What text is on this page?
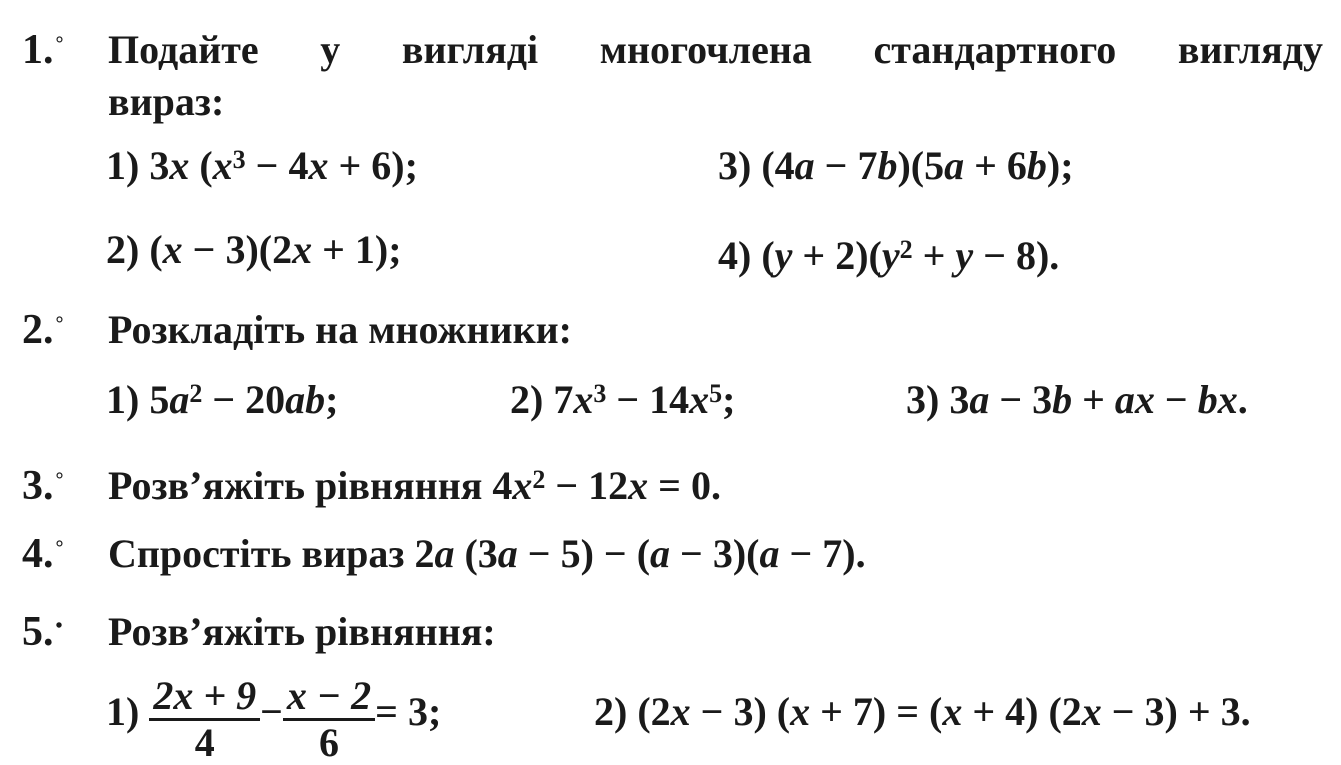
1. ° Подайте у вигляді многочлена стандартного вигляду
вираз:
1) 3x $(x^3 - 4x + 6)$;	3) (4a − 7b)(5a + 6b);
2) (x − 3)(2x + 1);	4) $(y + 2)(y^2 + y - 8)$.
2. ° Розкладіть на множники:
1) $5a^2 - 20ab$;	2) $7x^3 - 14x^5$;	3) 3a − 3b + ax − bx.
3. ° Розв’яжіть рівняння $4x^2 - 12x = 0$.
4. ° Спростіть вираз 2a (3a − 5) − (a − 3)(a − 7).
5. • Розв’яжіть рівняння:
$1) \frac{2x + 9}{4} - \frac{x - 2}{6} = 3$;	2) (2x − 3) (x + 7) = (x + 4) (2x − 3) + 3.
